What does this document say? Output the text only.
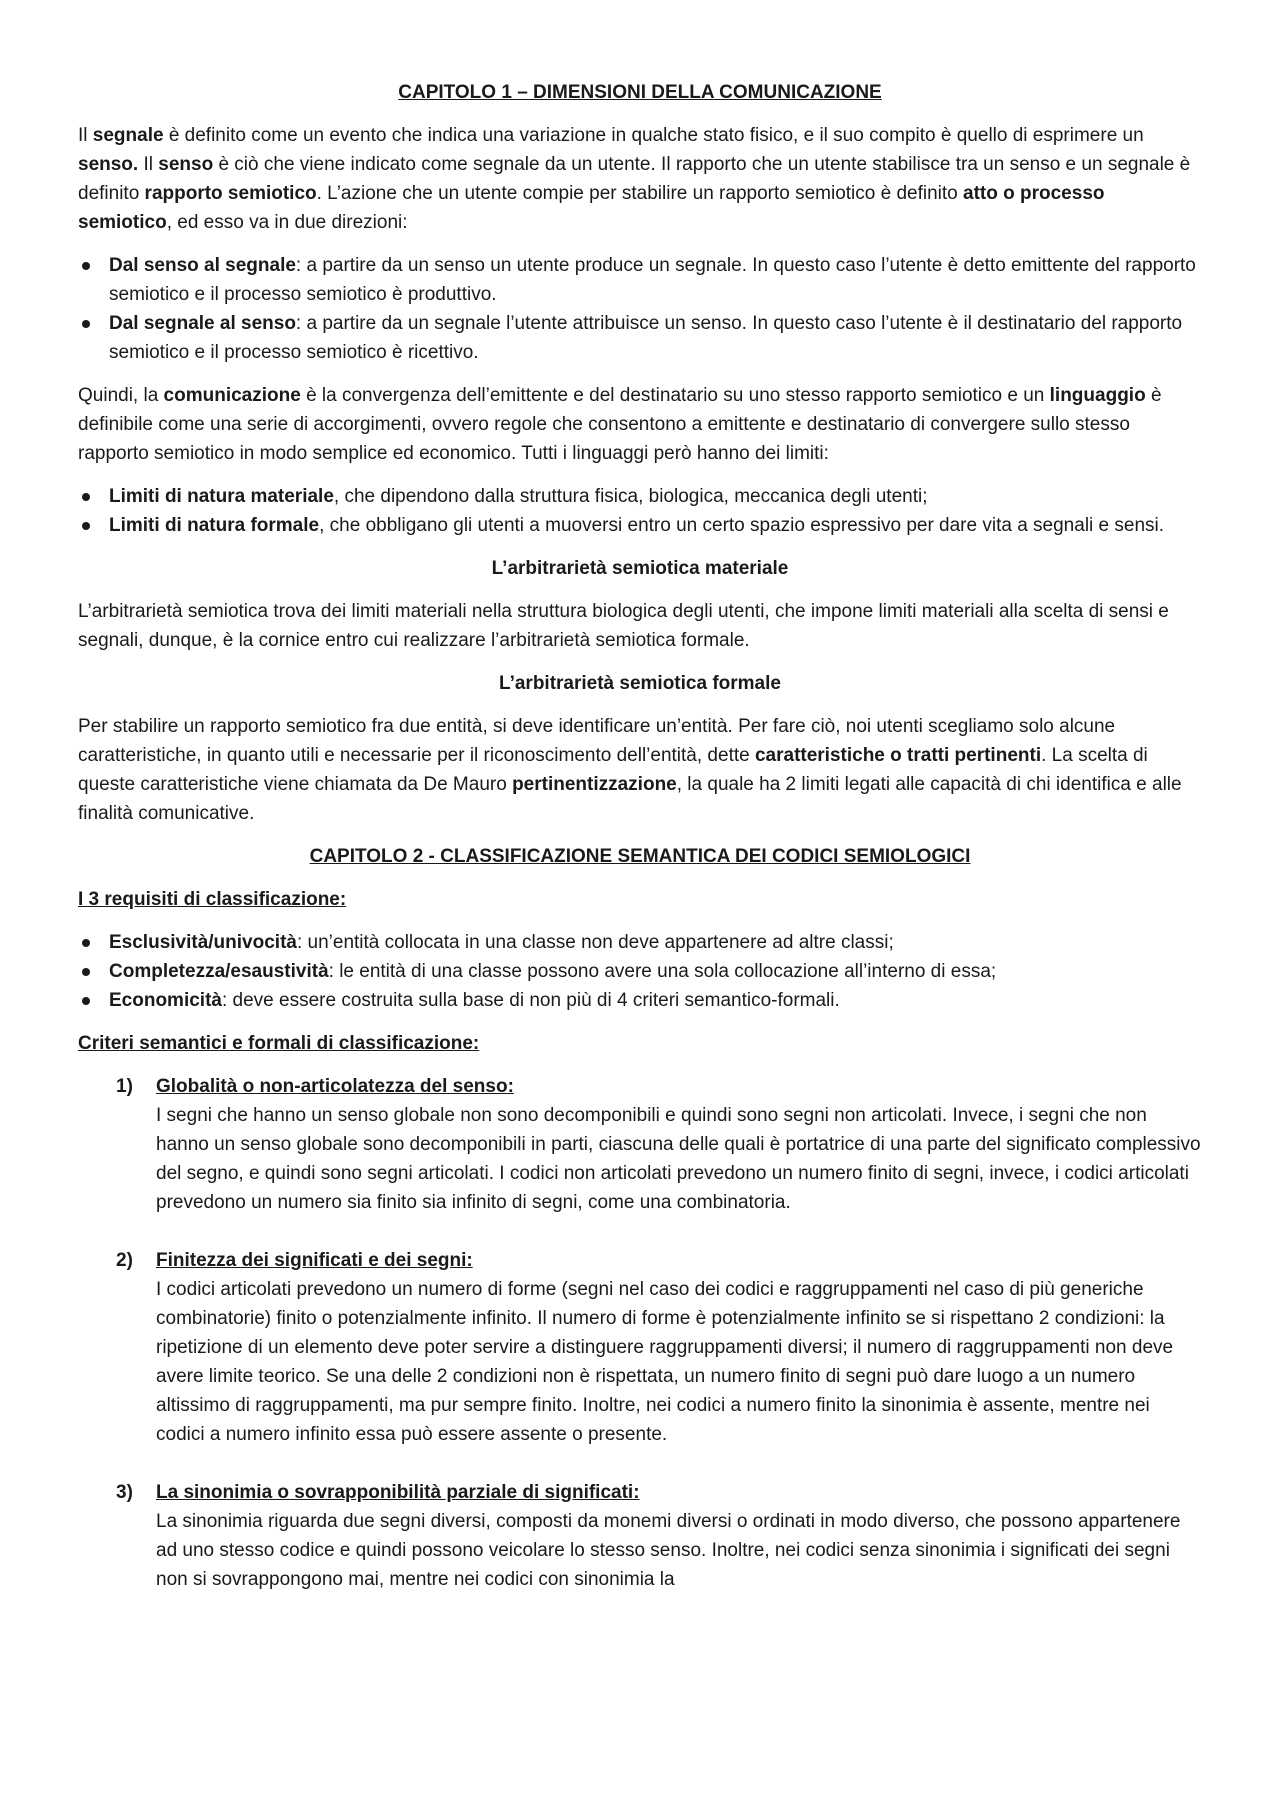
CAPITOLO 1 – DIMENSIONI DELLA COMUNICAZIONE

Il segnale è definito come un evento che indica una variazione in qualche stato fisico, e il suo compito è quello di esprimere un senso. Il senso è ciò che viene indicato come segnale da un utente. Il rapporto che un utente stabilisce tra un senso e un segnale è definito rapporto semiotico. L’azione che un utente compie per stabilire un rapporto semiotico è definito atto o processo semiotico, ed esso va in due direzioni:

Dal senso al segnale: a partire da un senso un utente produce un segnale. In questo caso l’utente è detto emittente del rapporto semiotico e il processo semiotico è produttivo.
Dal segnale al senso: a partire da un segnale l’utente attribuisce un senso. In questo caso l’utente è il destinatario del rapporto semiotico e il processo semiotico è ricettivo.

Quindi, la comunicazione è la convergenza dell’emittente e del destinatario su uno stesso rapporto semiotico e un linguaggio è definibile come una serie di accorgimenti, ovvero regole che consentono a emittente e destinatario di convergere sullo stesso rapporto semiotico in modo semplice ed economico. Tutti i linguaggi però hanno dei limiti:

Limiti di natura materiale, che dipendono dalla struttura fisica, biologica, meccanica degli utenti;
Limiti di natura formale, che obbligano gli utenti a muoversi entro un certo spazio espressivo per dare vita a segnali e sensi.
L’arbitrarietà semiotica materiale

L’arbitrarietà semiotica trova dei limiti materiali nella struttura biologica degli utenti, che impone limiti materiali alla scelta di sensi e segnali, dunque, è la cornice entro cui realizzare l’arbitrarietà semiotica formale.

L’arbitrarietà semiotica formale

Per stabilire un rapporto semiotico fra due entità, si deve identificare un’entità. Per fare ciò, noi utenti scegliamo solo alcune caratteristiche, in quanto utili e necessarie per il riconoscimento dell’entità, dette caratteristiche o tratti pertinenti. La scelta di queste caratteristiche viene chiamata da De Mauro pertinentizzazione, la quale ha 2 limiti legati alle capacità di chi identifica e alle finalità comunicative.

CAPITOLO 2 - CLASSIFICAZIONE SEMANTICA DEI CODICI SEMIOLOGICI
I 3 requisiti di classificazione:
Esclusività/univocità: un’entità collocata in una classe non deve appartenere ad altre classi;
Completezza/esaustività: le entità di una classe possono avere una sola collocazione all’interno di essa;
Economicità: deve essere costruita sulla base di non più di 4 criteri semantico-formali.
Criteri semantici e formali di classificazione:
1) Globalità o non-articolatezza del senso:
I segni che hanno un senso globale non sono decomponibili e quindi sono segni non articolati. Invece, i segni che non hanno un senso globale sono decomponibili in parti, ciascuna delle quali è portatrice di una parte del significato complessivo del segno, e quindi sono segni articolati. I codici non articolati prevedono un numero finito di segni, invece, i codici articolati prevedono un numero sia finito sia infinito di segni, come una combinatoria.
2) Finitezza dei significati e dei segni:
I codici articolati prevedono un numero di forme (segni nel caso dei codici e raggruppamenti nel caso di più generiche combinatorie) finito o potenzialmente infinito. Il numero di forme è potenzialmente infinito se si rispettano 2 condizioni: la ripetizione di un elemento deve poter servire a distinguere raggruppamenti diversi; il numero di raggruppamenti non deve avere limite teorico. Se una delle 2 condizioni non è rispettata, un numero finito di segni può dare luogo a un numero altissimo di raggruppamenti, ma pur sempre finito. Inoltre, nei codici a numero finito la sinonimia è assente, mentre nei codici a numero infinito essa può essere assente o presente.
3) La sinonimia o sovrapponibilità parziale di significati:
La sinonimia riguarda due segni diversi, composti da monemi diversi o ordinati in modo diverso, che possono appartenere ad uno stesso codice e quindi possono veicolare lo stesso senso. Inoltre, nei codici senza sinonimia i significati dei segni non si sovrappongono mai, mentre nei codici con sinonimia la
